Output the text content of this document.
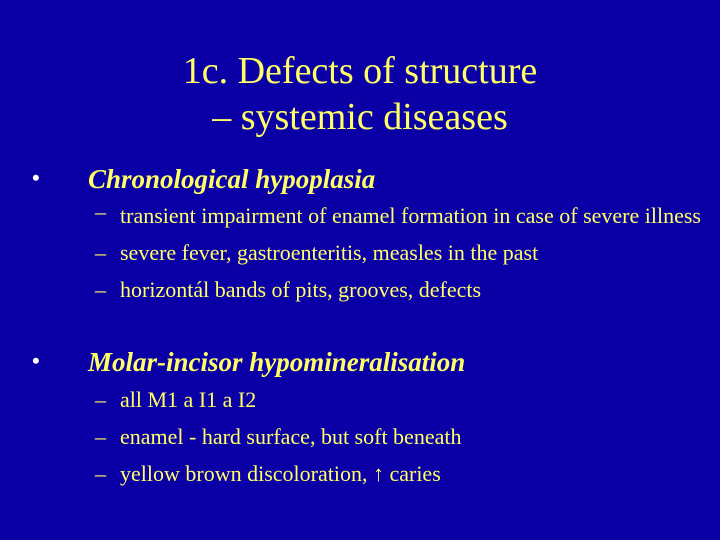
1c. Defects of structure
– systemic diseases
• Chronological hypoplasia
– transient impairment of enamel formation in case of severe illness
– severe fever, gastroenteritis, measles in the past
– horizontál bands of pits, grooves, defects
• Molar-incisor hypomineralisation
– all M1 a I1 a I2
– enamel - hard surface, but soft beneath
– yellow brown discoloration, ↑ caries
